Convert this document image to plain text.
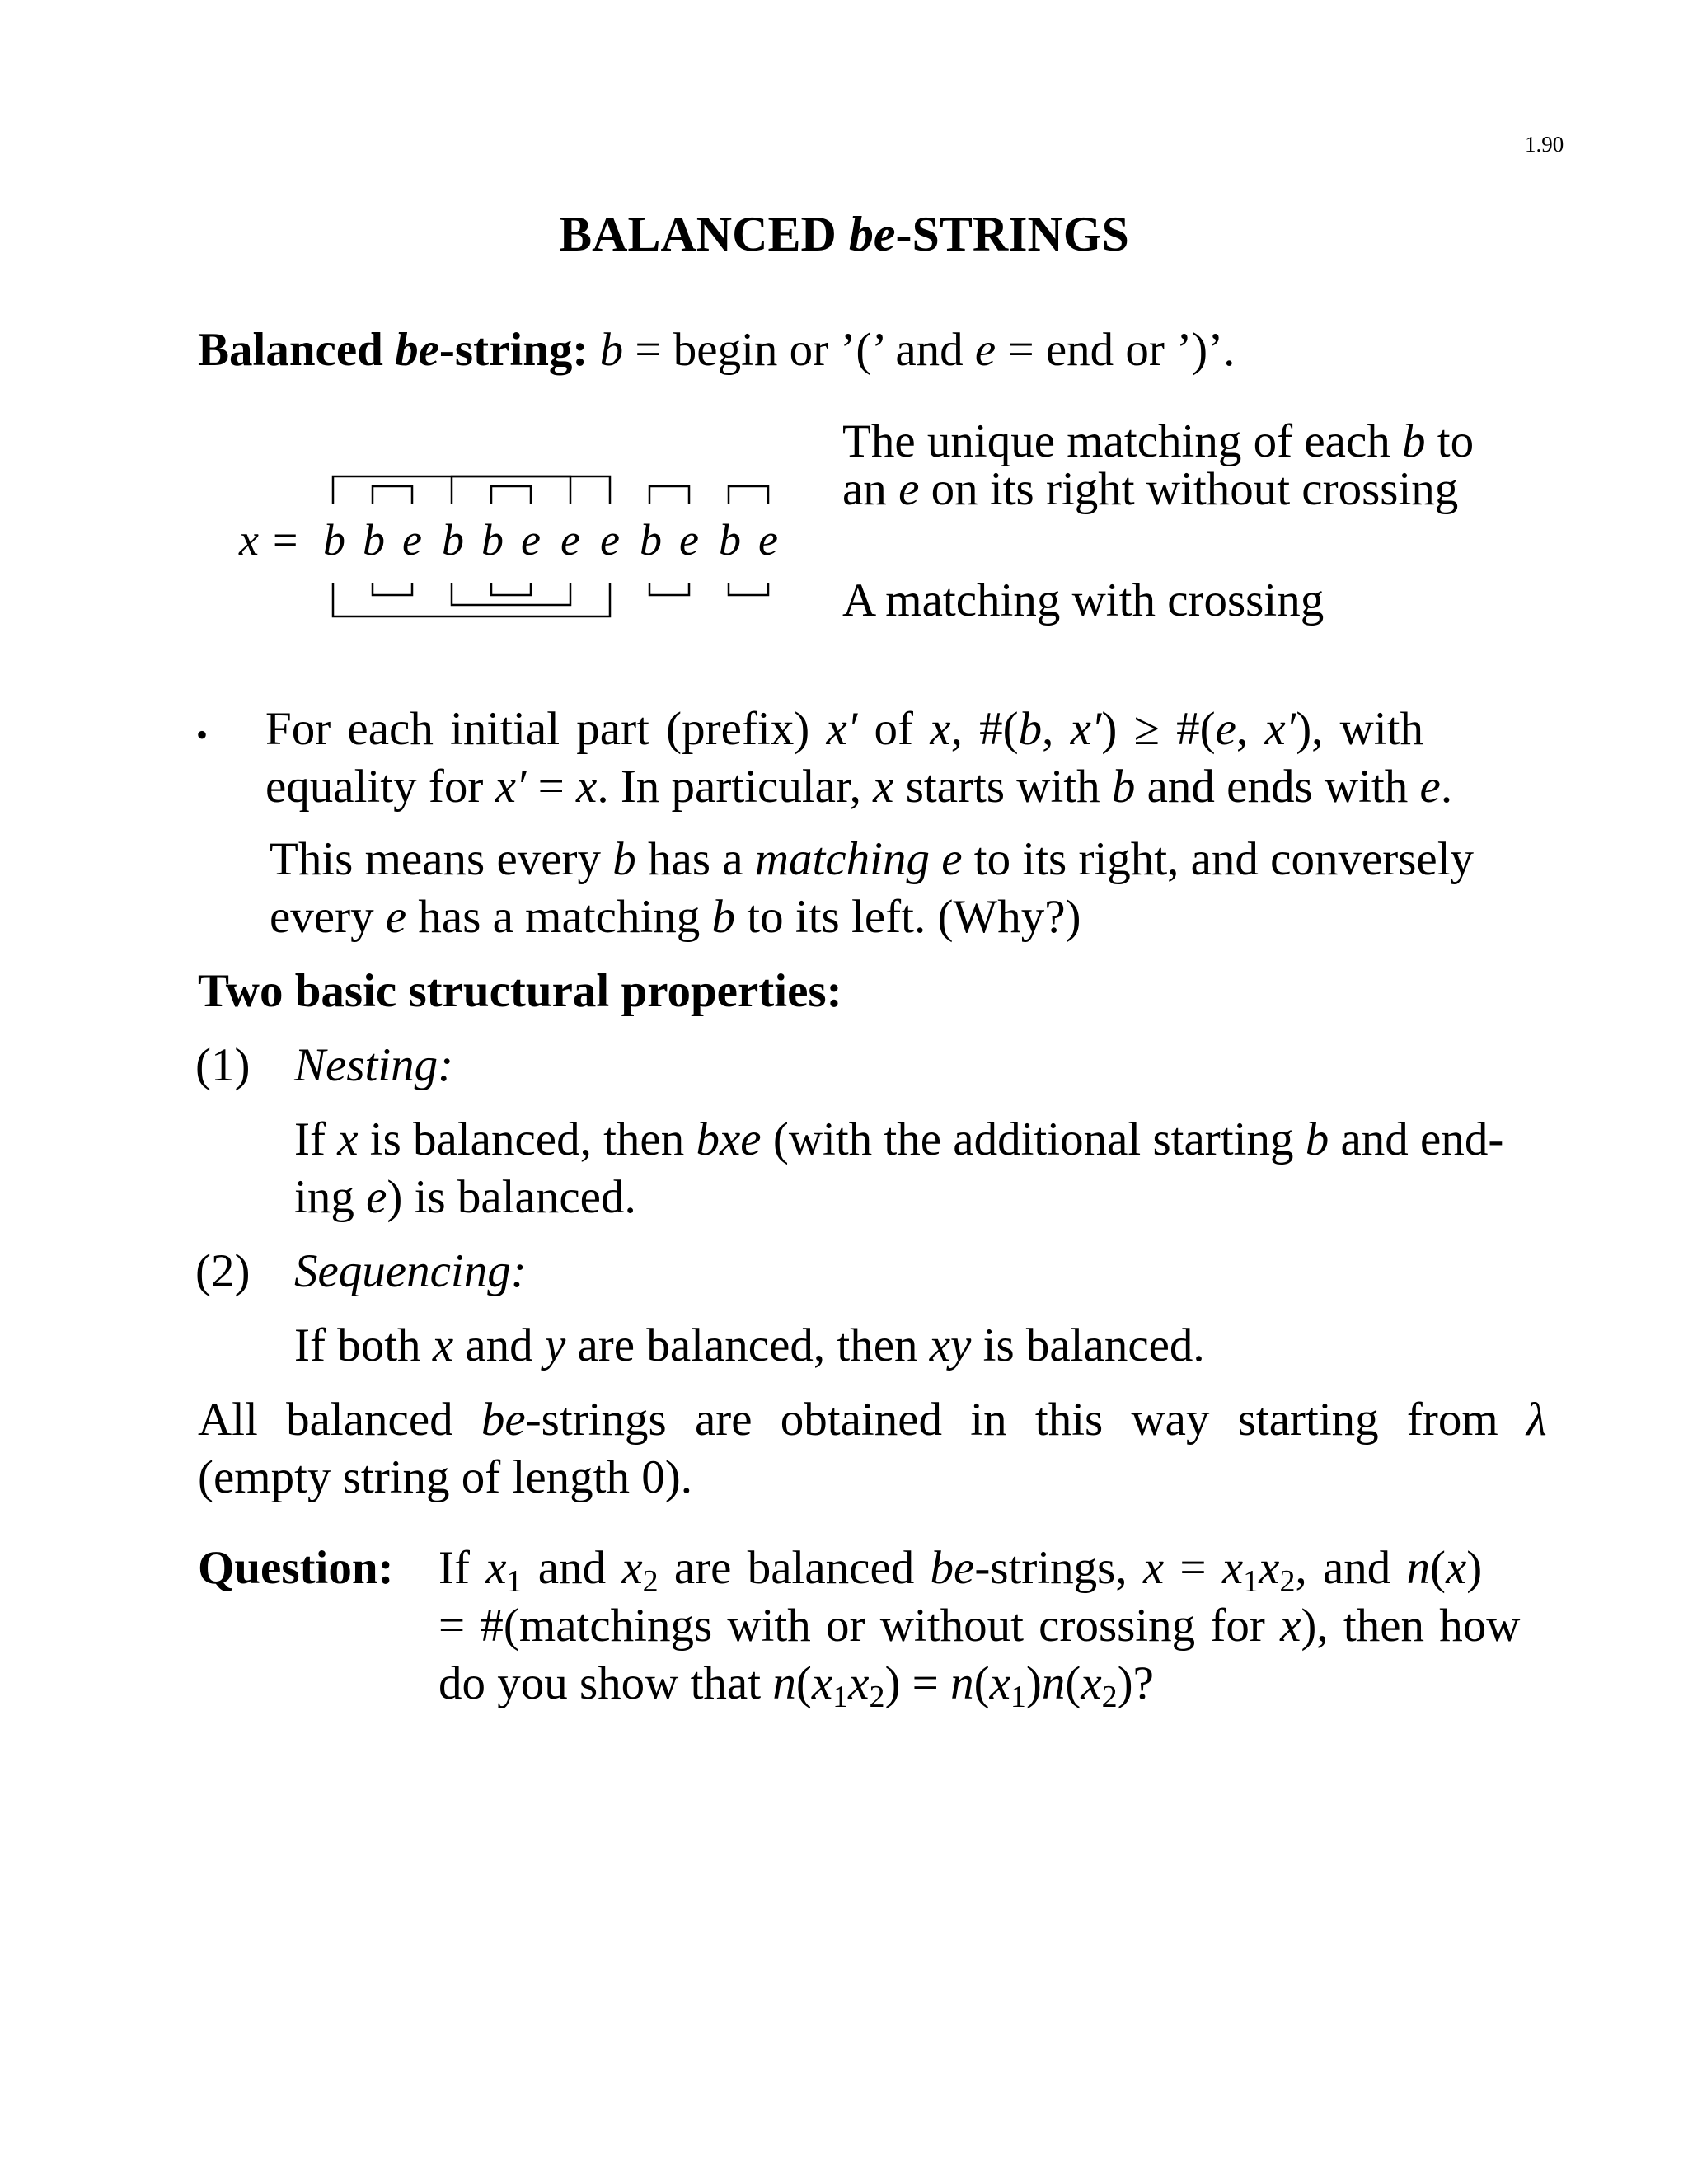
1.90
BALANCED be-STRINGS
Balanced be-string: b = begin or ’(’ and e = end or ’)’.
x = b b e b b e e e b e b e
The unique matching of each b to
an e on its right without crossing
A matching with crossing
• For each initial part (prefix) x′ of x, #(b, x′) ≥ #(e, x′), with
equality for x′ = x. In particular, x starts with b and ends with e.
This means every b has a matching e to its right, and conversely
every e has a matching b to its left. (Why?)
Two basic structural properties:
(1) Nesting:
If x is balanced, then bxe (with the additional starting b and end-
ing e) is balanced.
(2) Sequencing:
If both x and y are balanced, then xy is balanced.
All balanced be-strings are obtained in this way starting from λ
(empty string of length 0).
Question: If $x_1$ and $x_2$ are balanced be-strings, $x = x_1x_2$, and n(x)
= #(matchings with or without crossing for x), then how
do you show that $n(x_1x_2) = n(x_1)n(x_2)$?
